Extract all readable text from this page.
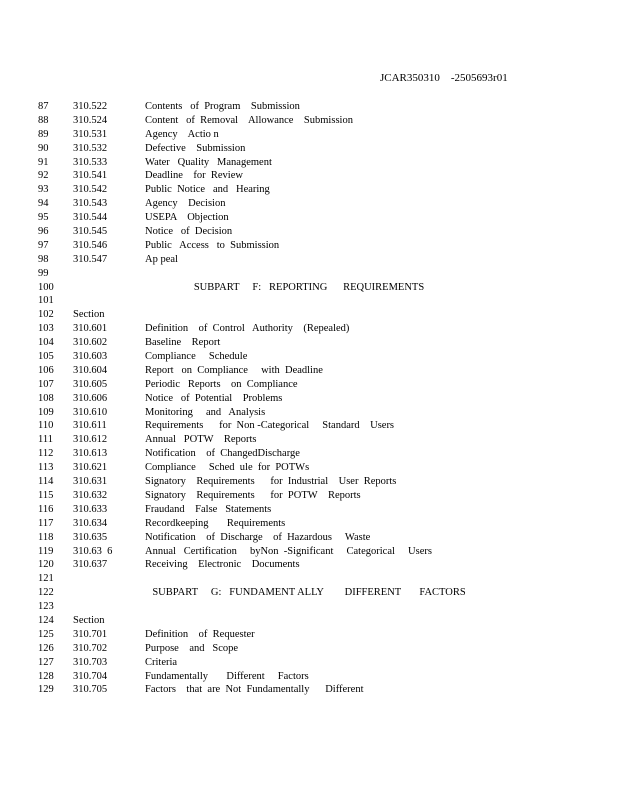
JCAR350310    -2505693r01
87 310.522	Contents   of  Program    Submission
88 310.524	Content   of  Removal    Allowance    Submission
89 310.531	Agency    Actio n
90 310.532	Defective    Submission
91 310.533	Water   Quality   Management
92 310.541	Deadline    for  Review
93 310.542	Public  Notice   and   Hearing
94 310.543	Agency    Decision
95 310.544	USEPA    Objection
96 310.545	Notice   of  Decision
97 310.546	Public   Access   to  Submission
98 310.547	Ap peal
99
100	SUBPART     F:   REPORTING      REQUIREMENTS
101
102 Section
103 310.601	Definition    of  Control   Authority    (Repealed)
104 310.602	Baseline    Report
105 310.603	Compliance     Schedule
106 310.604	Report   on  Compliance     with  Deadline
107 310.605	Periodic   Reports    on  Compliance
108 310.606	Notice   of  Potential    Problems
109 310.610	Monitoring     and   Analysis
110 310.611	Requirements      for  Non -Categorical     Standard    Users
111 310.612	Annual   POTW    Reports
112 310.613	Notification    of  ChangedDischarge
113 310.621	Compliance     Sched  ule  for  POTWs
114 310.631	Signatory    Requirements      for  Industrial    User  Reports
115 310.632	Signatory    Requirements      for  POTW    Reports
116 310.633	Fraudand    False   Statements
117 310.634	Recordkeeping       Requirements
118 310.635	Notification    of  Discharge    of  Hazardous     Waste
119 310.63  6	Annual   Certification     byNon  -Significant     Categorical     Users
120 310.637	Receiving    Electronic    Documents
121
122	SUBPART     G:   FUNDAMENT ALLY        DIFFERENT       FACTORS
123
124 Section
125 310.701	Definition    of  Requester
126 310.702	Purpose    and   Scope
127 310.703	Criteria
128 310.704	Fundamentally       Different     Factors
129 310.705	Factors    that  are  Not  Fundamentally      Different
